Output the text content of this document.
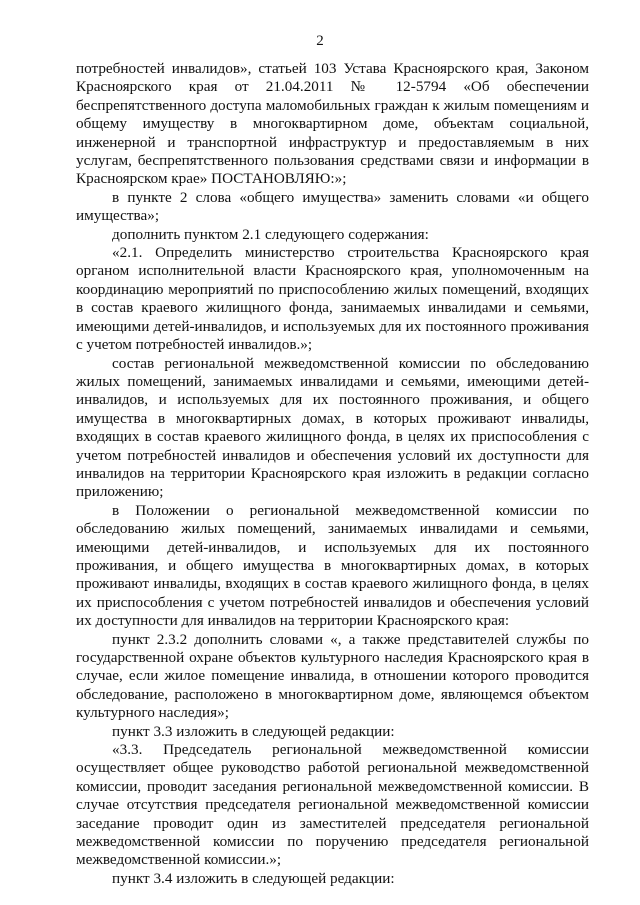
2

потребностей инвалидов», статьей 103 Устава Красноярского края, Законом Красноярского края от 21.04.2011 № 12-5794 «Об обеспечении беспрепятственного доступа маломобильных граждан к жилым помещениям и общему имуществу в многоквартирном доме, объектам социальной, инженерной и транспортной инфраструктур и предоставляемым в них услугам, беспрепятственного пользования средствами связи и информации в Красноярском крае» ПОСТАНОВЛЯЮ:»;

в пункте 2 слова «общего имущества» заменить словами «и общего имущества»;

дополнить пунктом 2.1 следующего содержания:

«2.1. Определить министерство строительства Красноярского края органом исполнительной власти Красноярского края, уполномоченным на координацию мероприятий по приспособлению жилых помещений, входящих в состав краевого жилищного фонда, занимаемых инвалидами и семьями, имеющими детей-инвалидов, и используемых для их постоянного проживания с учетом потребностей инвалидов.»;

состав региональной межведомственной комиссии по обследованию жилых помещений, занимаемых инвалидами и семьями, имеющими детей-инвалидов, и используемых для их постоянного проживания, и общего имущества в многоквартирных домах, в которых проживают инвалиды, входящих в состав краевого жилищного фонда, в целях их приспособления с учетом потребностей инвалидов и обеспечения условий их доступности для инвалидов на территории Красноярского края изложить в редакции согласно приложению;

в Положении о региональной межведомственной комиссии по обследованию жилых помещений, занимаемых инвалидами и семьями, имеющими детей-инвалидов, и используемых для их постоянного проживания, и общего имущества в многоквартирных домах, в которых проживают инвалиды, входящих в состав краевого жилищного фонда, в целях их приспособления с учетом потребностей инвалидов и обеспечения условий их доступности для инвалидов на территории Красноярского края:

пункт 2.3.2 дополнить словами «, а также представителей службы по государственной охране объектов культурного наследия Красноярского края в случае, если жилое помещение инвалида, в отношении которого проводится обследование, расположено в многоквартирном доме, являющемся объектом культурного наследия»;

пункт 3.3 изложить в следующей редакции:

«3.3. Председатель региональной межведомственной комиссии осуществляет общее руководство работой региональной межведомственной комиссии, проводит заседания региональной межведомственной комиссии. В случае отсутствия председателя региональной межведомственной комиссии заседание проводит один из заместителей председателя региональной межведомственной комиссии по поручению председателя региональной межведомственной комиссии.»;

пункт 3.4 изложить в следующей редакции:
